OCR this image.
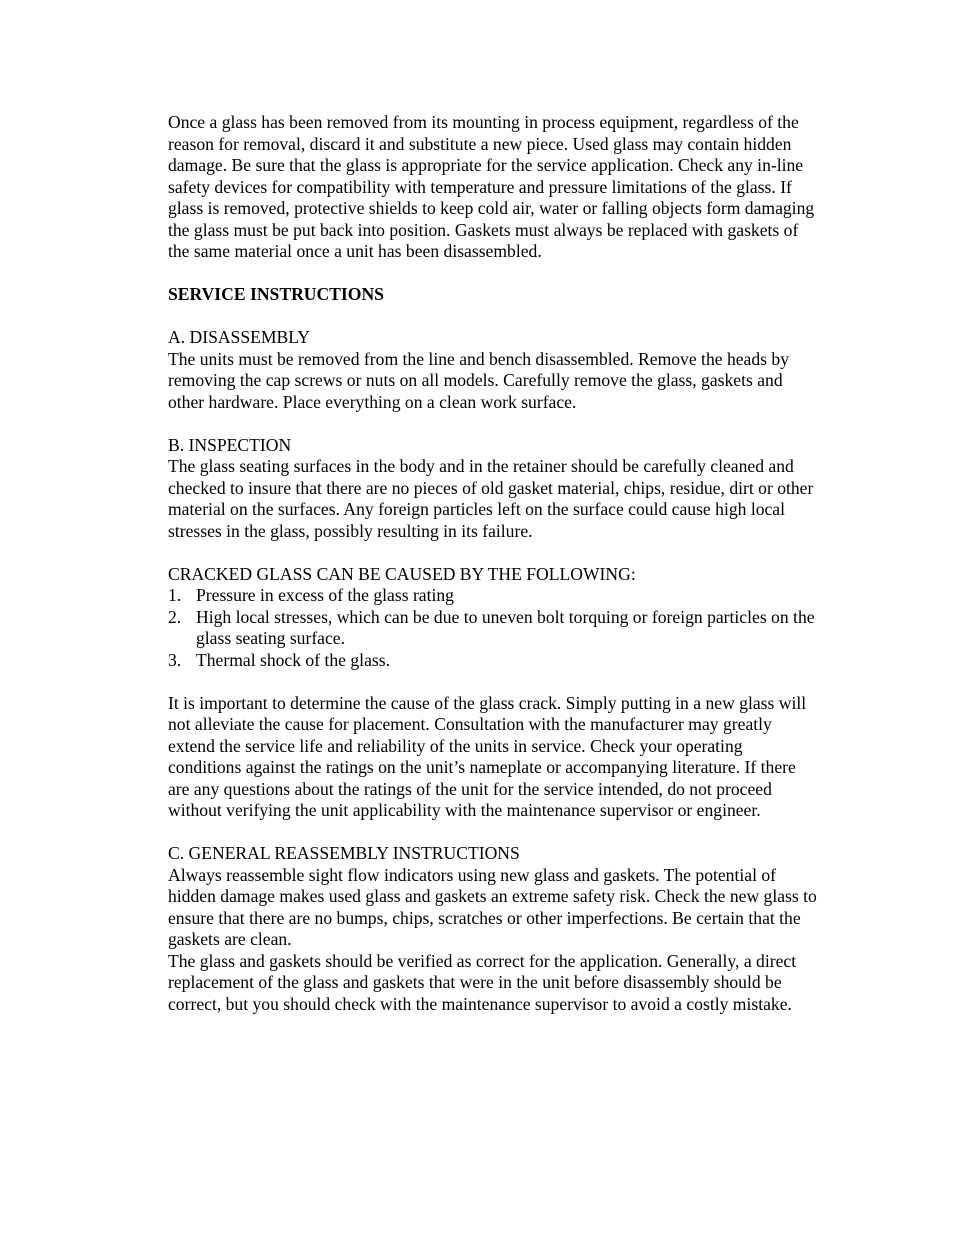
Once a glass has been removed from its mounting in process equipment, regardless of the reason for removal, discard it and substitute a new piece. Used glass may contain hidden damage. Be sure that the glass is appropriate for the service application. Check any in-line safety devices for compatibility with temperature and pressure limitations of the glass. If glass is removed, protective shields to keep cold air, water or falling objects form damaging the glass must be put back into position. Gaskets must always be replaced with gaskets of the same material once a unit has been disassembled.

SERVICE INSTRUCTIONS

A. DISASSEMBLY

The units must be removed from the line and bench disassembled. Remove the heads by removing the cap screws or nuts on all models. Carefully remove the glass, gaskets and other hardware. Place everything on a clean work surface.

B. INSPECTION

The glass seating surfaces in the body and in the retainer should be carefully cleaned and checked to insure that there are no pieces of old gasket material, chips, residue, dirt or other material on the surfaces. Any foreign particles left on the surface could cause high local stresses in the glass, possibly resulting in its failure.

CRACKED GLASS CAN BE CAUSED BY THE FOLLOWING:

1. Pressure in excess of the glass rating
2. High local stresses, which can be due to uneven bolt torquing or foreign particles on the glass seating surface.
3. Thermal shock of the glass.

It is important to determine the cause of the glass crack. Simply putting in a new glass will not alleviate the cause for placement. Consultation with the manufacturer may greatly extend the service life and reliability of the units in service. Check your operating conditions against the ratings on the unit’s nameplate or accompanying literature. If there are any questions about the ratings of the unit for the service intended, do not proceed without verifying the unit applicability with the maintenance supervisor or engineer.

C. GENERAL REASSEMBLY INSTRUCTIONS

Always reassemble sight flow indicators using new glass and gaskets. The potential of hidden damage makes used glass and gaskets an extreme safety risk. Check the new glass to ensure that there are no bumps, chips, scratches or other imperfections. Be certain that the gaskets are clean.

The glass and gaskets should be verified as correct for the application. Generally, a direct replacement of the glass and gaskets that were in the unit before disassembly should be correct, but you should check with the maintenance supervisor to avoid a costly mistake.
